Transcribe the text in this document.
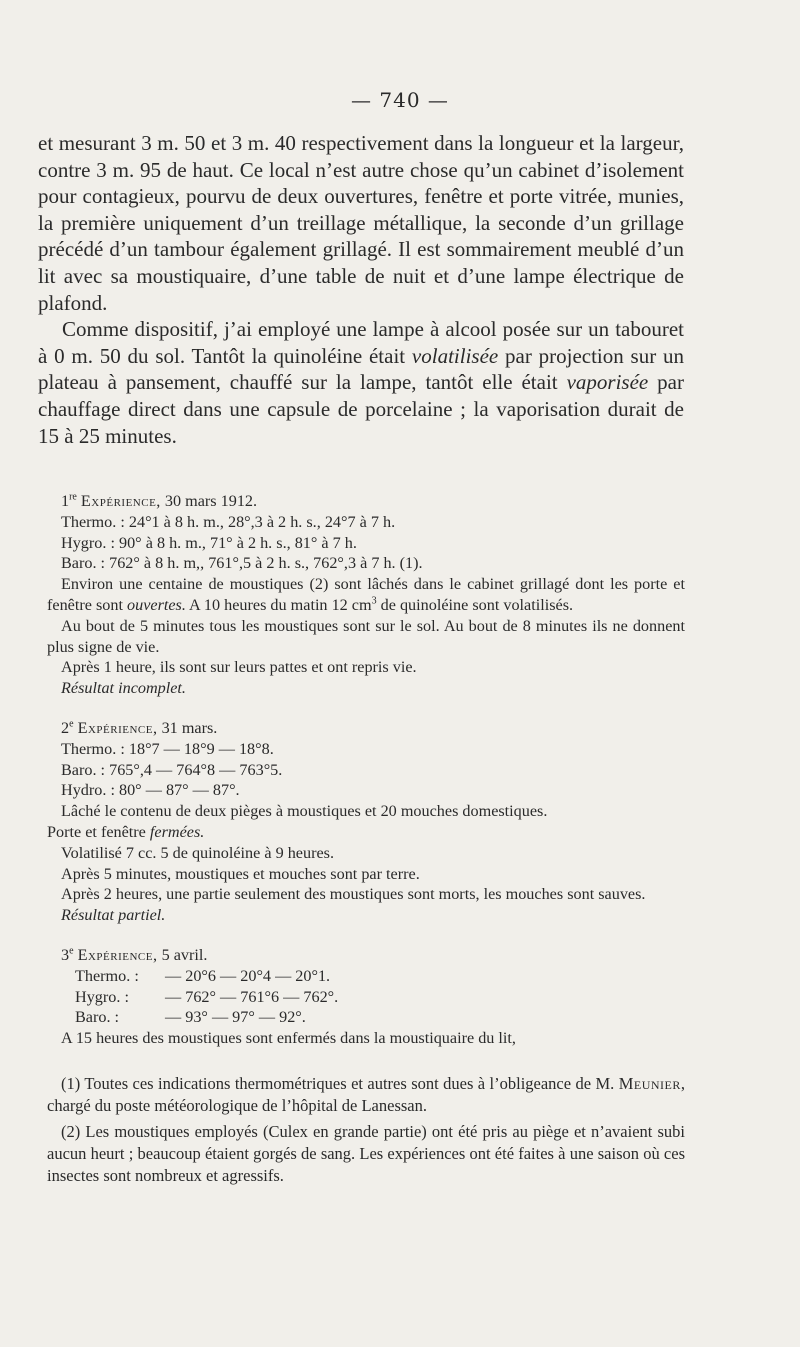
— 740 —

et mesurant 3 m. 50 et 3 m. 40 respectivement dans la longueur et la largeur, contre 3 m. 95 de haut. Ce local n’est autre chose qu’un cabinet d’isolement pour contagieux, pourvu de deux ouvertures, fenêtre et porte vitrée, munies, la première uniquement d’un treillage métallique, la seconde d’un grillage précédé d’un tambour également grillagé. Il est sommairement meublé d’un lit avec sa moustiquaire, d’une table de nuit et d’une lampe électrique de plafond.

Comme dispositif, j’ai employé une lampe à alcool posée sur un tabouret à 0 m. 50 du sol. Tantôt la quinoléine était volatilisée par projection sur un plateau à pansement, chauffé sur la lampe, tantôt elle était vaporisée par chauffage direct dans une capsule de porcelaine ; la vaporisation durait de 15 à 25 minutes.

1re Expérience, 30 mars 1912.

Thermo. : 24°1 à 8 h. m., 28°,3 à 2 h. s., 24°7 à 7 h.

Hygro. : 90° à 8 h. m., 71° à 2 h. s., 81° à 7 h.

Baro. : 762° à 8 h. m,, 761°,5 à 2 h. s., 762°,3 à 7 h. (1).

Environ une centaine de moustiques (2) sont lâchés dans le cabinet grillagé dont les porte et fenêtre sont ouvertes. A 10 heures du matin 12 $cm^3$ de quinoléine sont volatilisés.

Au bout de 5 minutes tous les moustiques sont sur le sol. Au bout de 8 minutes ils ne donnent plus signe de vie.

Après 1 heure, ils sont sur leurs pattes et ont repris vie.

Résultat incomplet.

2e Expérience, 31 mars.

Thermo. : 18°7 — 18°9 — 18°8.

Baro. : 765°,4 — 764°8 — 763°5.

Hydro. : 80° — 87° — 87°.

Lâché le contenu de deux pièges à moustiques et 20 mouches domestiques.

Porte et fenêtre fermées.

Volatilisé 7 cc. 5 de quinoléine à 9 heures.

Après 5 minutes, moustiques et mouches sont par terre.

Après 2 heures, une partie seulement des moustiques sont morts, les mouches sont sauves.

Résultat partiel.

3e Expérience, 5 avril.

Thermo. : — 20°6 — 20°4 — 20°1.

Hygro. : — 762° — 761°6 — 762°.

Baro. :	— 93° — 97° — 92°.

A 15 heures des moustiques sont enfermés dans la moustiquaire du lit,

(1) Toutes ces indications thermométriques et autres sont dues à l’obligeance de M. Meunier, chargé du poste météorologique de l’hôpital de Lanessan.

(2) Les moustiques employés (Culex en grande partie) ont été pris au piège et n’avaient subi aucun heurt ; beaucoup étaient gorgés de sang. Les expériences ont été faites à une saison où ces insectes sont nombreux et agressifs.
